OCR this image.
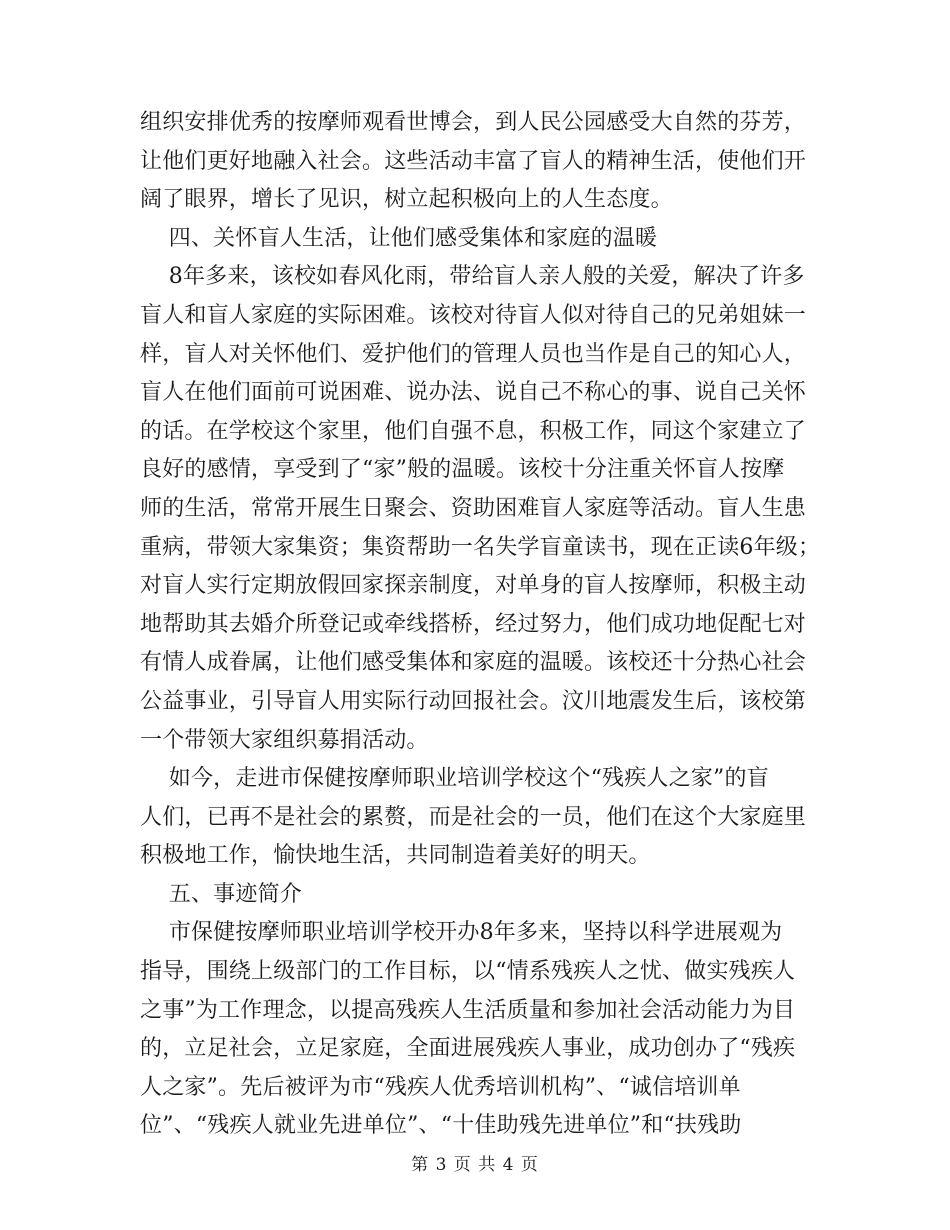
组织安排优秀的按摩师观看世博会，到人民公园感受大自然的芬芳，
让他们更好地融入社会。这些活动丰富了盲人的精神生活，使他们开
阔了眼界，增长了见识，树立起积极向上的人生态度。
四、关怀盲人生活，让他们感受集体和家庭的温暖
8年多来，该校如春风化雨，带给盲人亲人般的关爱，解决了许多
盲人和盲人家庭的实际困难。该校对待盲人似对待自己的兄弟姐妹一
样，盲人对关怀他们、爱护他们的管理人员也当作是自己的知心人，
盲人在他们面前可说困难、说办法、说自己不称心的事、说自己关怀
的话。在学校这个家里，他们自强不息，积极工作，同这个家建立了
良好的感情，享受到了“家”般的温暖。该校十分注重关怀盲人按摩
师的生活，常常开展生日聚会、资助困难盲人家庭等活动。盲人生患
重病，带领大家集资；集资帮助一名失学盲童读书，现在正读6年级；
对盲人实行定期放假回家探亲制度，对单身的盲人按摩师，积极主动
地帮助其去婚介所登记或牵线搭桥，经过努力，他们成功地促配七对
有情人成眷属，让他们感受集体和家庭的温暖。该校还十分热心社会
公益事业，引导盲人用实际行动回报社会。汶川地震发生后，该校第
一个带领大家组织募捐活动。
如今，走进市保健按摩师职业培训学校这个“残疾人之家”的盲
人们，已再不是社会的累赘，而是社会的一员，他们在这个大家庭里
积极地工作，愉快地生活，共同制造着美好的明天。
五、事迹简介
市保健按摩师职业培训学校开办8年多来，坚持以科学进展观为
指导，围绕上级部门的工作目标，以“情系残疾人之忧、做实残疾人
之事”为工作理念，以提高残疾人生活质量和参加社会活动能力为目
的，立足社会，立足家庭，全面进展残疾人事业，成功创办了“残疾
人之家”。先后被评为市“残疾人优秀培训机构”、“诚信培训单
位”、“残疾人就业先进单位”、“十佳助残先进单位”和“扶残助
第 3 页 共 4 页
